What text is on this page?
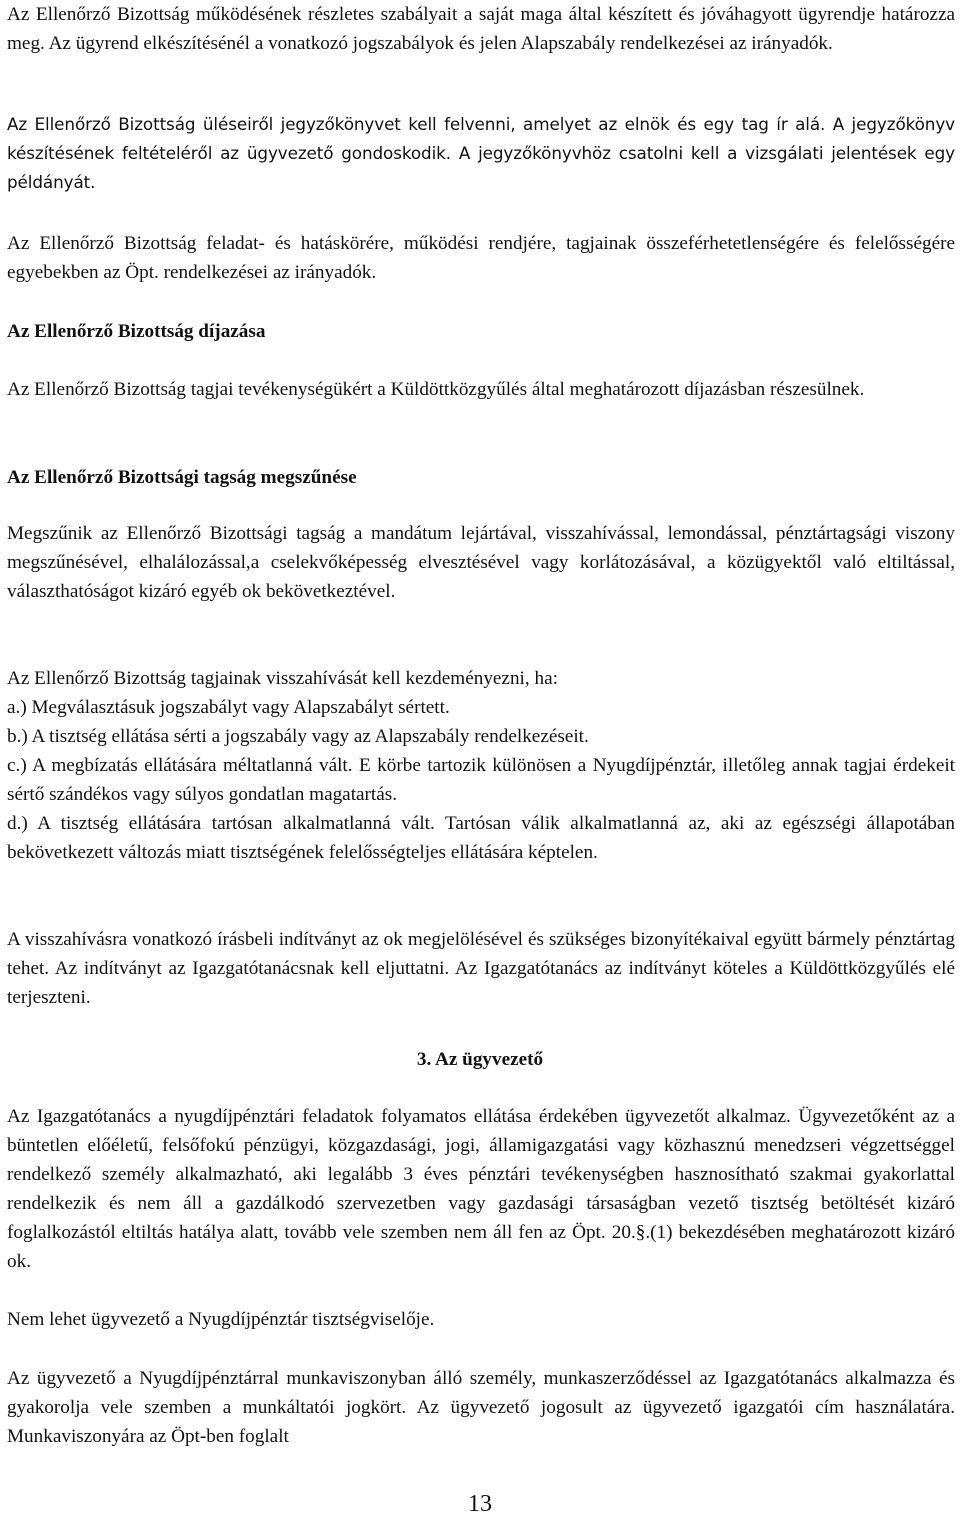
Az Ellenőrző Bizottság működésének részletes szabályait a saját maga által készített és jóváhagyott ügyrendje határozza meg. Az ügyrend elkészítésénél a vonatkozó jogszabályok és jelen Alapszabály rendelkezései az irányadók.

Az Ellenőrző Bizottság üléseiről jegyzőkönyvet kell felvenni, amelyet az elnök és egy tag ír alá. A jegyzőkönyv készítésének feltételéről az ügyvezető gondoskodik. A jegyzőkönyvhöz csatolni kell a vizsgálati jelentések egy példányát.

Az Ellenőrző Bizottság feladat- és hatáskörére, működési rendjére, tagjainak összeférhetetlenségére és felelősségére egyebekben az Öpt. rendelkezései az irányadók.

Az Ellenőrző Bizottság díjazása

Az Ellenőrző Bizottság tagjai tevékenységükért a Küldöttközgyűlés által meghatározott díjazásban részesülnek.

Az Ellenőrző Bizottsági tagság megszűnése

Megszűnik az Ellenőrző Bizottsági tagság a mandátum lejártával, visszahívással, lemondással, pénztártagsági viszony megszűnésével, elhalálozással,a cselekvőképesség elvesztésével vagy korlátozásával, a közügyektől való eltiltással, választhatóságot kizáró egyéb ok bekövetkeztével.

Az Ellenőrző Bizottság tagjainak visszahívását kell kezdeményezni, ha:
a.) Megválasztásuk jogszabályt vagy Alapszabályt sértett.
b.) A tisztség ellátása sérti a jogszabály vagy az Alapszabály rendelkezéseit.
c.) A megbízatás ellátására méltatlanná vált. E körbe tartozik különösen a Nyugdíjpénztár, illetőleg annak tagjai érdekeit sértő szándékos vagy súlyos gondatlan magatartás.
d.) A tisztség ellátására tartósan alkalmatlanná vált. Tartósan válik alkalmatlanná az, aki az egészségi állapotában bekövetkezett változás miatt tisztségének felelősségteljes ellátására képtelen.

A visszahívásra vonatkozó írásbeli indítványt az ok megjelölésével és szükséges bizonyítékaival együtt bármely pénztártag tehet. Az indítványt az Igazgatótanácsnak kell eljuttatni. Az Igazgatótanács az indítványt köteles a Küldöttközgyűlés elé terjeszteni.

3. Az ügyvezető

Az Igazgatótanács a nyugdíjpénztári feladatok folyamatos ellátása érdekében ügyvezetőt alkalmaz. Ügyvezetőként az a büntetlen előéletű, felsőfokú pénzügyi, közgazdasági, jogi, államigazgatási vagy közhasznú menedzseri végzettséggel rendelkező személy alkalmazható, aki legalább 3 éves pénztári tevékenységben hasznosítható szakmai gyakorlattal rendelkezik és nem áll a gazdálkodó szervezetben vagy gazdasági társaságban vezető tisztség betöltését kizáró foglalkozástól eltiltás hatálya alatt, tovább vele szemben nem áll fen az Öpt. 20.§.(1) bekezdésében meghatározott kizáró ok.

Nem lehet ügyvezető a Nyugdíjpénztár tisztségviselője.

Az ügyvezető a Nyugdíjpénztárral munkaviszonyban álló személy, munkaszerződéssel az Igazgatótanács alkalmazza és gyakorolja vele szemben a munkáltatói jogkört. Az ügyvezető jogosult az ügyvezető igazgatói cím használatára. Munkaviszonyára az Öpt-ben foglalt

13
